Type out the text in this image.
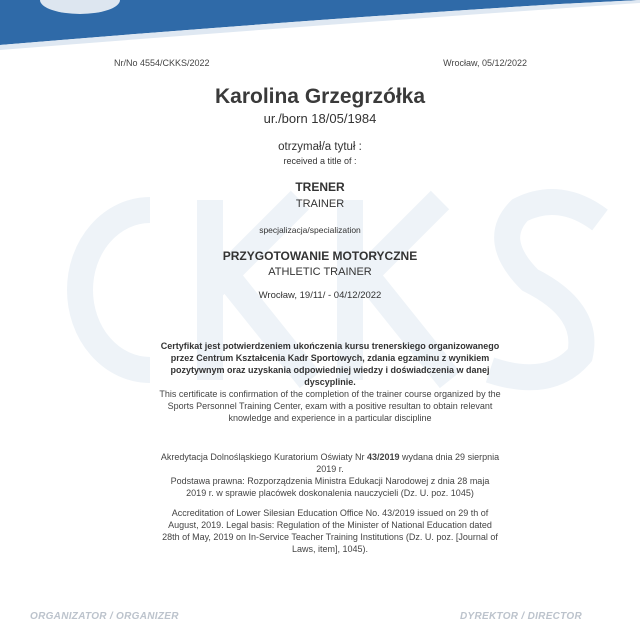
Nr/No 4554/CKKS/2022	Wrocław, 05/12/2022
Karolina Grzegrzółka
ur./born 18/05/1984
otrzymał/a tytuł :
received a title of :
TRENER
TRAINER
specjalizacja/specialization
PRZYGOTOWANIE MOTORYCZNE
ATHLETIC TRAINER
Wrocław, 19/11/ - 04/12/2022

Certyfikat jest potwierdzeniem ukończenia kursu trenerskiego organizowanego przez Centrum Kształcenia Kadr Sportowych, zdania egzaminu z wynikiem pozytywnym oraz uzyskania odpowiedniej wiedzy i doświadczenia w danej dyscyplinie.

This certificate is confirmation of the completion of the trainer course organized by the Sports Personnel Training Center, exam with a positive resultan to obtain relevant knowledge and experience in a particular discipline

Akredytacja Dolnośląskiego Kuratorium Oświaty Nr 43/2019 wydana dnia 29 sierpnia 2019 r.

Podstawa prawna: Rozporządzenia Ministra Edukacji Narodowej z dnia 28 maja 2019 r. w sprawie placówek doskonalenia nauczycieli (Dz. U. poz. 1045)

Accreditation of Lower Silesian Education Office No. 43/2019 issued on 29 th of August, 2019. Legal basis: Regulation of the Minister of National Education dated 28th of May, 2019 on In-Service Teacher Training Institutions (Dz. U. poz. [Journal of Laws, item], 1045).

ORGANIZATOR / ORGANIZER	DYREKTOR / DIRECTOR
